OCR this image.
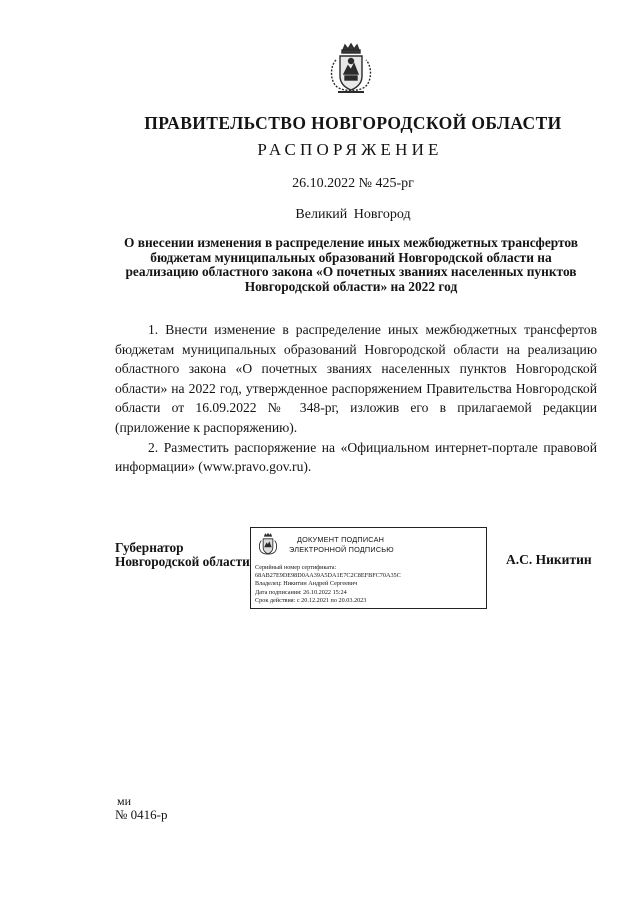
ПРАВИТЕЛЬСТВО НОВГОРОДСКОЙ ОБЛАСТИ
РАСПОРЯЖЕНИЕ
26.10.2022 № 425-рг
Великий Новгород
О внесении изменения в распределение иных межбюджетных трансфертов бюджетам муниципальных образований Новгородской области на реализацию областного закона «О почетных званиях населенных пунктов Новгородской области» на 2022 год

1. Внести изменение в распределение иных межбюджетных трансфертов бюджетам муниципальных образований Новгородской области на реализацию областного закона «О почетных званиях населенных пунктов Новгородской области» на 2022 год, утвержденное распоряжением Правительства Новгородской области от 16.09.2022 № 348-рг, изложив его в прилагаемой редакции (приложение к распоряжению).

2. Разместить распоряжение на «Официальном интернет-портале правовой информации» (www.pravo.gov.ru).

Губернатор
Новгородской области
ДОКУМЕНТ ПОДПИСАН
ЭЛЕКТРОННОЙ ПОДПИСЬЮ
Серийный номер сертификата:
68AB27E9DE98D0AA39A5DA1E7C2C8EFBFC70A35C
Владелец: Никитин Андрей Сергеевич
Дата подписания: 26.10.2022 15:24
Срок действия: с 20.12.2021 по 20.03.2023
А.С. Никитин
ми
№ 0416-р
